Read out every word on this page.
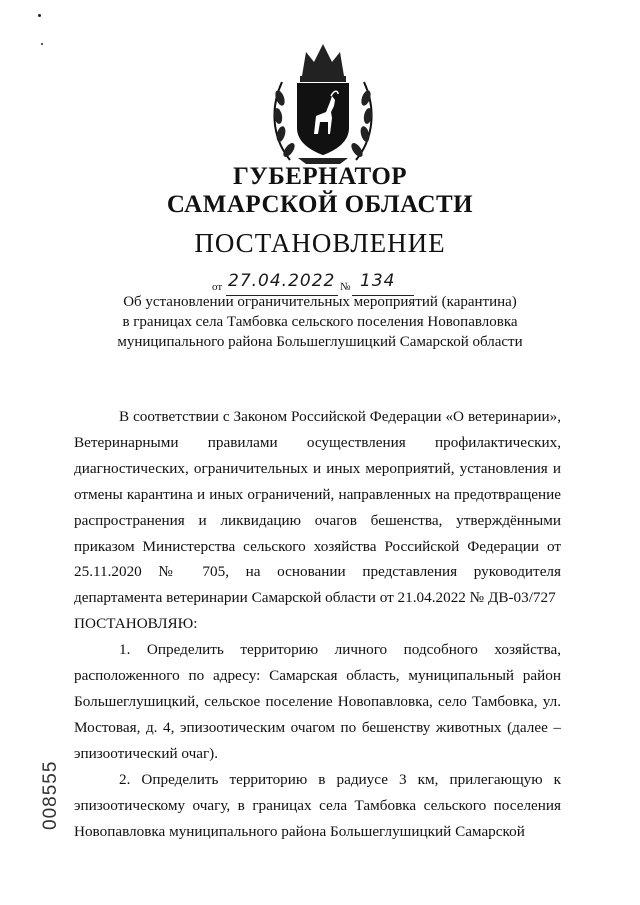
ГУБЕРНАТОР
САМАРСКОЙ ОБЛАСТИ
ПОСТАНОВЛЕНИЕ
от 27.04.2022 № 134
Об установлении ограничительных мероприятий (карантина)
в границах села Тамбовка сельского поселения Новопавловка
муниципального района Большеглушицкий Самарской области

В соответствии с Законом Российской Федерации «О ветеринарии», Ветеринарными правилами осуществления профилактических, диагностических, ограничительных и иных мероприятий, установления и отмены карантина и иных ограничений, направленных на предотвращение распространения и ликвидацию очагов бешенства, утверждёнными приказом Министерства сельского хозяйства Российской Федерации от 25.11.2020 № 705, на основании представления руководителя департамента ветеринарии Самарской области от 21.04.2022 № ДВ-03/727

ПОСТАНОВЛЯЮ:

1. Определить территорию личного подсобного хозяйства, расположенного по адресу: Самарская область, муниципальный район Большеглушицкий, сельское поселение Новопавловка, село Тамбовка, ул. Мостовая, д. 4, эпизоотическим очагом по бешенству животных (далее – эпизоотический очаг).

2. Определить территорию в радиусе 3 км, прилегающую к эпизоотическому очагу, в границах села Тамбовка сельского поселения Новопавловка муниципального района Большеглушицкий Самарской

008555
